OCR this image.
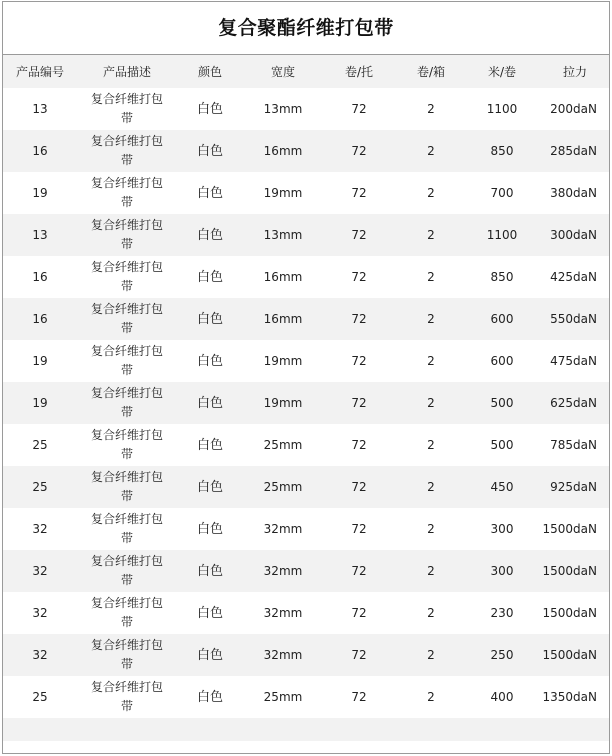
复合聚酯纤维打包带
产品编号	产品描述	颜色	宽度	卷/托	卷/箱	米/卷	拉力
13	复合纤维打包带	白色	13mm	72	2	1100	200daN
16	复合纤维打包带	白色	16mm	72	2	850	285daN
19	复合纤维打包带	白色	19mm	72	2	700	380daN
13	复合纤维打包带	白色	13mm	72	2	1100	300daN
16	复合纤维打包带	白色	16mm	72	2	850	425daN
16	复合纤维打包带	白色	16mm	72	2	600	550daN
19	复合纤维打包带	白色	19mm	72	2	600	475daN
19	复合纤维打包带	白色	19mm	72	2	500	625daN
25	复合纤维打包带	白色	25mm	72	2	500	785daN
25	复合纤维打包带	白色	25mm	72	2	450	925daN
32	复合纤维打包带	白色	32mm	72	2	300	1500daN
32	复合纤维打包带	白色	32mm	72	2	300	1500daN
32	复合纤维打包带	白色	32mm	72	2	230	1500daN
32	复合纤维打包带	白色	32mm	72	2	250	1500daN
25	复合纤维打包带	白色	25mm	72	2	400	1350daN
